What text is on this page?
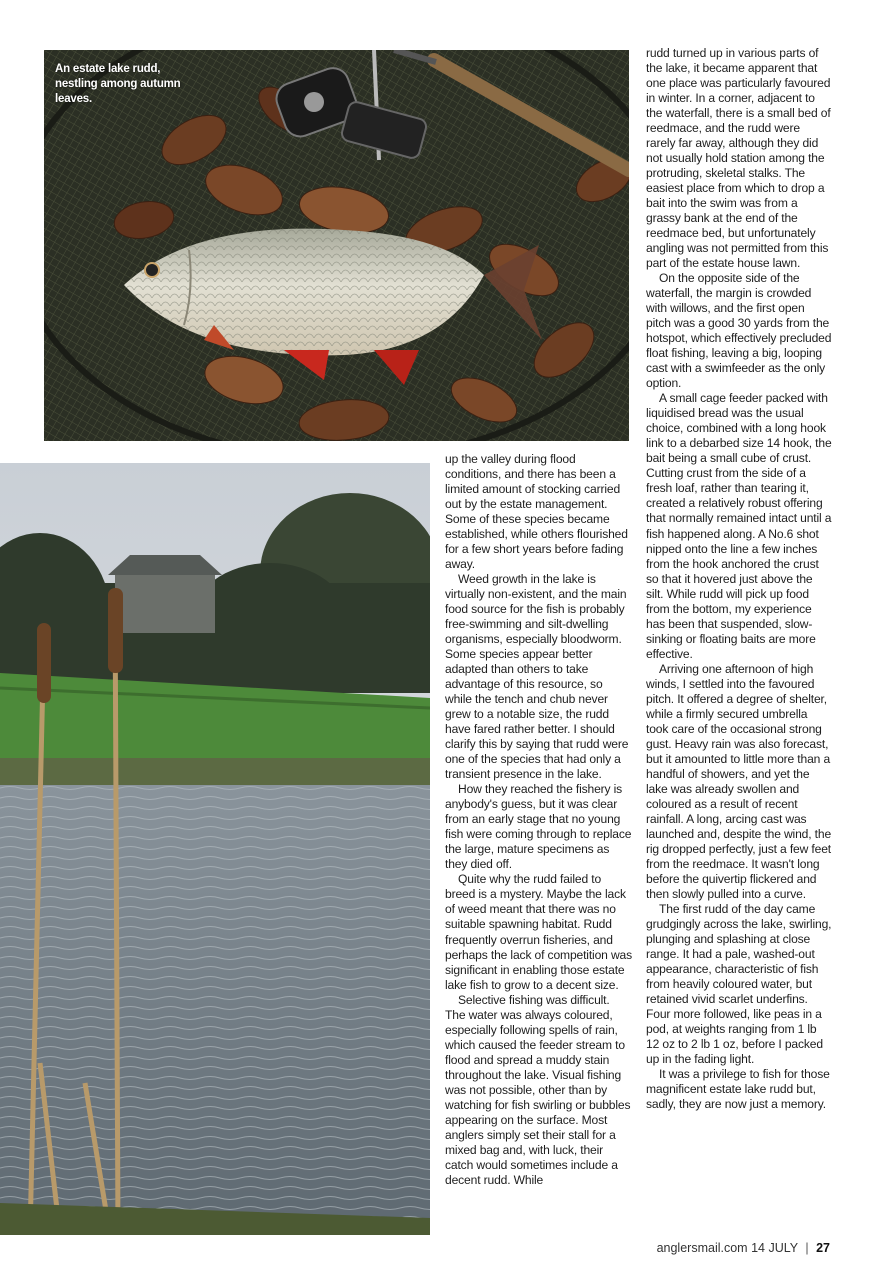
An estate lake rudd, nestling among autumn leaves.

up the valley during flood conditions, and there has been a limited amount of stocking carried out by the estate management. Some of these species became established, while others flourished for a few short years before fading away.

Weed growth in the lake is virtually non-existent, and the main food source for the fish is probably free-swimming and silt-dwelling organisms, especially bloodworm. Some species appear better adapted than others to take advantage of this resource, so while the tench and chub never grew to a notable size, the rudd have fared rather better. I should clarify this by saying that rudd were one of the species that had only a transient presence in the lake.

How they reached the fishery is anybody's guess, but it was clear from an early stage that no young fish were coming through to replace the large, mature specimens as they died off.

Quite why the rudd failed to breed is a mystery. Maybe the lack of weed meant that there was no suitable spawning habitat. Rudd frequently overrun fisheries, and perhaps the lack of competition was significant in enabling those estate lake fish to grow to a decent size.

Selective fishing was difficult. The water was always coloured, especially following spells of rain, which caused the feeder stream to flood and spread a muddy stain throughout the lake. Visual fishing was not possible, other than by watching for fish swirling or bubbles appearing on the surface. Most anglers simply set their stall for a mixed bag and, with luck, their catch would sometimes include a decent rudd. While

rudd turned up in various parts of the lake, it became apparent that one place was particularly favoured in winter. In a corner, adjacent to the waterfall, there is a small bed of reedmace, and the rudd were rarely far away, although they did not usually hold station among the protruding, skeletal stalks. The easiest place from which to drop a bait into the swim was from a grassy bank at the end of the reedmace bed, but unfortunately angling was not permitted from this part of the estate house lawn.

On the opposite side of the waterfall, the margin is crowded with willows, and the first open pitch was a good 30 yards from the hotspot, which effectively precluded float fishing, leaving a big, looping cast with a swimfeeder as the only option.

A small cage feeder packed with liquidised bread was the usual choice, combined with a long hook link to a debarbed size 14 hook, the bait being a small cube of crust. Cutting crust from the side of a fresh loaf, rather than tearing it, created a relatively robust offering that normally remained intact until a fish happened along. A No.6 shot nipped onto the line a few inches from the hook anchored the crust so that it hovered just above the silt. While rudd will pick up food from the bottom, my experience has been that suspended, slow-sinking or floating baits are more effective.

Arriving one afternoon of high winds, I settled into the favoured pitch. It offered a degree of shelter, while a firmly secured umbrella took care of the occasional strong gust. Heavy rain was also forecast, but it amounted to little more than a handful of showers, and yet the lake was already swollen and coloured as a result of recent rainfall. A long, arcing cast was launched and, despite the wind, the rig dropped perfectly, just a few feet from the reedmace. It wasn't long before the quivertip flickered and then slowly pulled into a curve.

The first rudd of the day came grudgingly across the lake, swirling, plunging and splashing at close range. It had a pale, washed-out appearance, characteristic of fish from heavily coloured water, but retained vivid scarlet underfins. Four more followed, like peas in a pod, at weights ranging from 1 lb 12 oz to 2 lb 1 oz, before I packed up in the fading light.

It was a privilege to fish for those magnificent estate lake rudd but, sadly, they are now just a memory.

anglersmail.com 14 JULY | 27
